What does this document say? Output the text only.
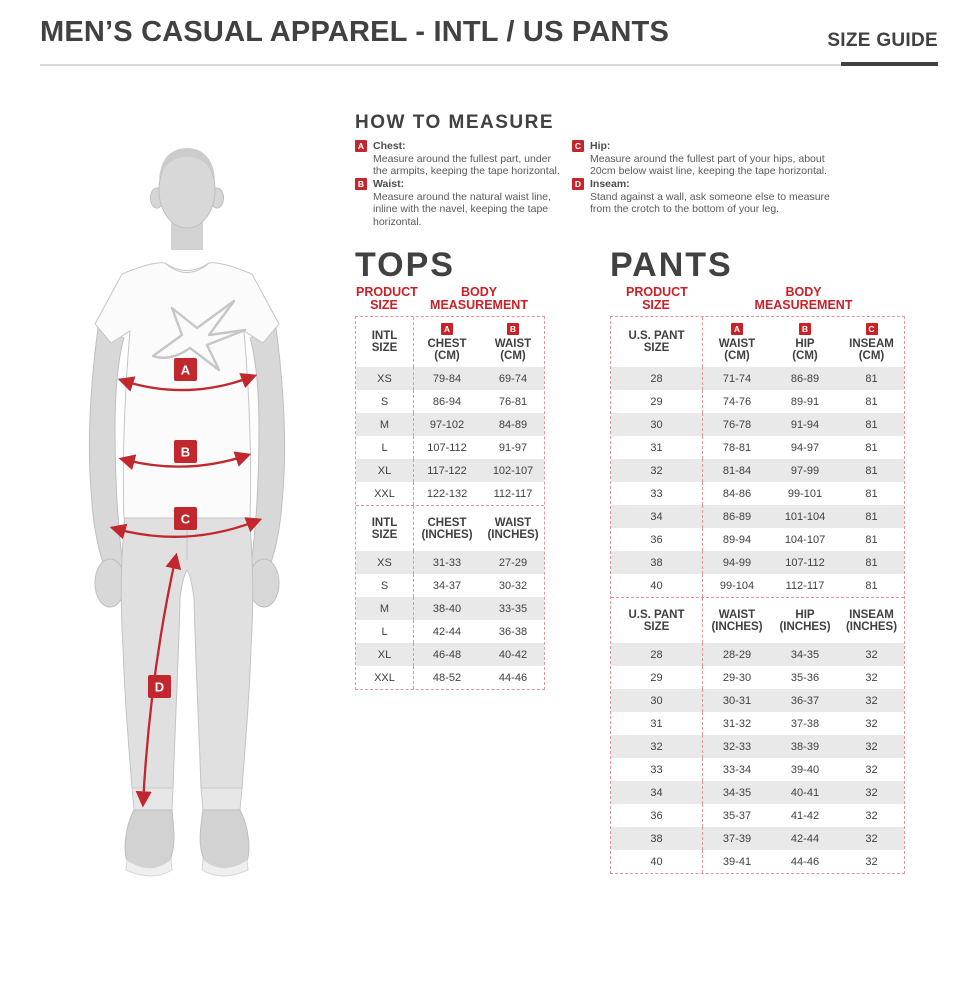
MEN’S CASUAL APPAREL - INTL / US PANTS	SIZE GUIDE
HOW TO MEASURE
A Chest:
Measure around the fullest part, under the armpits, keeping the tape horizontal.
B Waist:
Measure around the natural waist line, inline with the navel, keeping the tape horizontal.
C Hip:
Measure around the fullest part of your hips, about 20cm below waist line, keeping the tape horizontal.
D Inseam:
Stand against a wall, ask someone else to measure from the crotch to the bottom of your leg.
A
B
C
D
TOPS
PRODUCT SIZE
BODY MEASUREMENT
INTL SIZE
A
CHEST (CM)
B
WAIST (CM)
XS	79-84	69-74
S	86-94	76-81
M	97-102	84-89
L	107-112	91-97
XL	117-122	102-107
XXL	122-132	112-117
INTL SIZE
CHEST (INCHES)
WAIST (INCHES)
XS	31-33	27-29
S	34-37	30-32
M	38-40	33-35
L	42-44	36-38
XL	46-48	40-42
XXL	48-52	44-46
PANTS
PRODUCT SIZE
BODY MEASUREMENT
U.S. PANT SIZE
A
WAIST (CM)
B
HIP (CM)
C
INSEAM (CM)
28	71-74	86-89	81
29	74-76	89-91	81
30	76-78	91-94	81
31	78-81	94-97	81
32	81-84	97-99	81
33	84-86	99-101	81
34	86-89	101-104	81
36	89-94	104-107	81
38	94-99	107-112	81
40	99-104	112-117	81
U.S. PANT SIZE
WAIST (INCHES)
HIP (INCHES)
INSEAM (INCHES)
28	28-29	34-35	32
29	29-30	35-36	32
30	30-31	36-37	32
31	31-32	37-38	32
32	32-33	38-39	32
33	33-34	39-40	32
34	34-35	40-41	32
36	35-37	41-42	32
38	37-39	42-44	32
40	39-41	44-46	32
